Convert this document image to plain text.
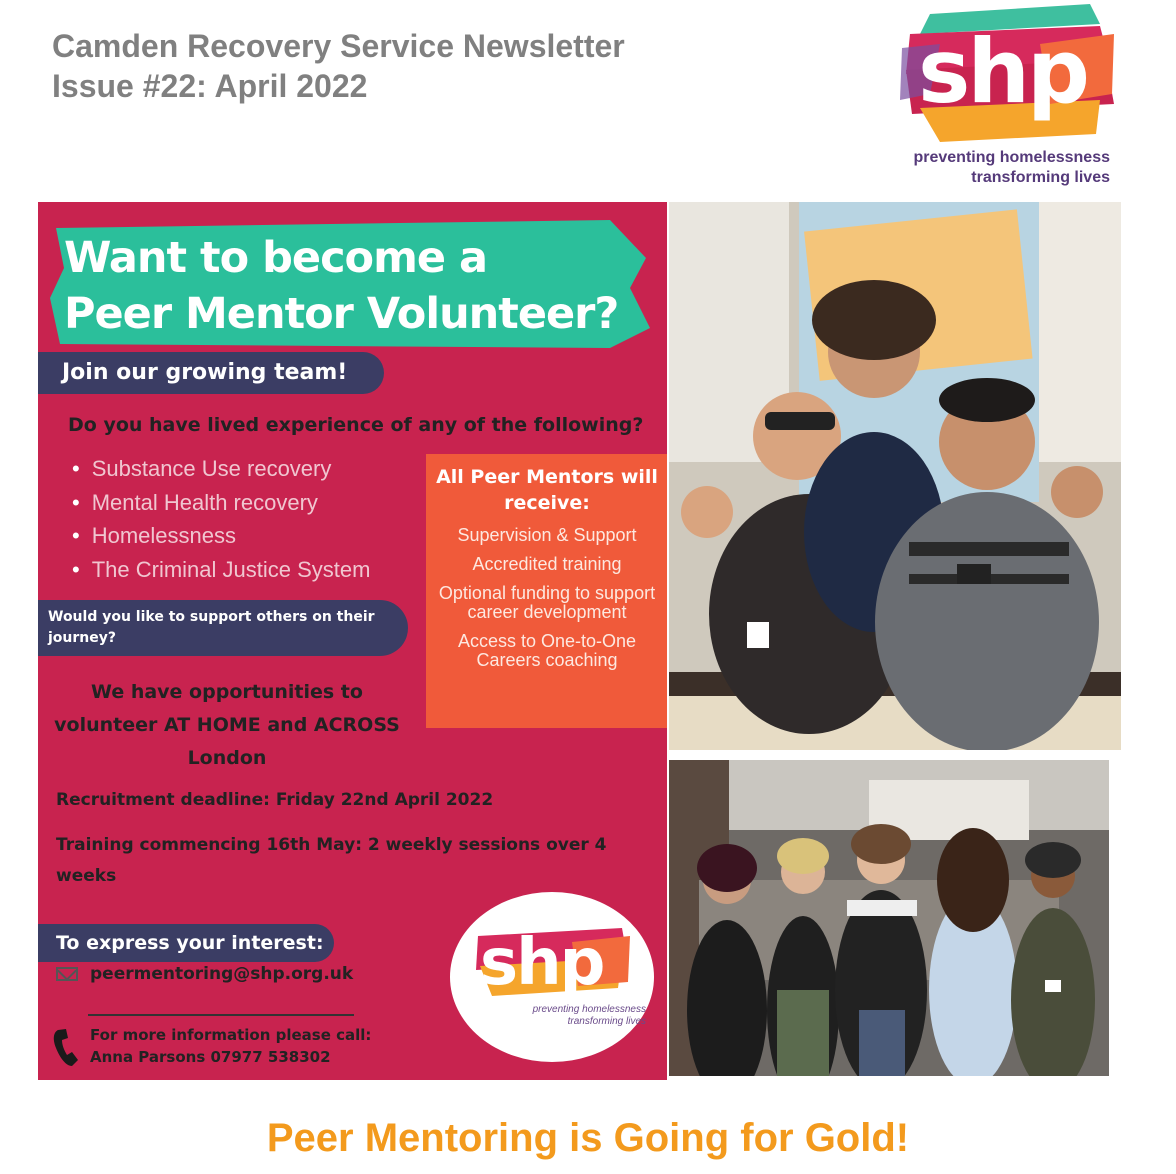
Camden Recovery Service Newsletter
Issue #22: April 2022	shp
preventing homelessness
transforming lives
Want to become a
Peer Mentor Volunteer?
Join our growing team!
Do you have lived experience of any of the following?
• Substance Use recovery
• Mental Health recovery
• Homelessness
• The Criminal Justice System
All Peer Mentors will receive:
Supervision & Support
Accredited training
Optional funding to support career development
Access to One-to-One Careers coaching
Would you like to support others on their journey?
We have opportunities to volunteer AT HOME and ACROSS London
Recruitment deadline: Friday 22nd April 2022
Training commencing 16th May: 2 weekly sessions over 4 weeks
To express your interest:
peermentoring@shp.org.uk
For more information please call:
Anna Parsons 07977 538302
shp
preventing homelessness
transforming lives
Peer Mentoring is Going for Gold!
